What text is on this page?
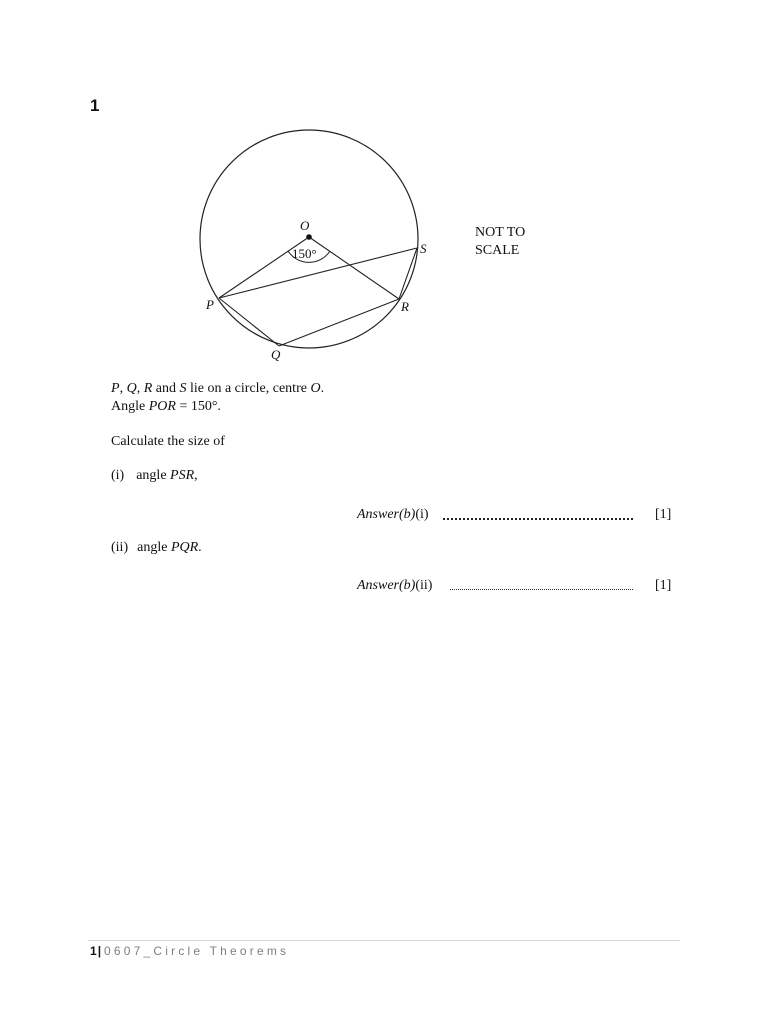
1
O
150°	S
P	R
Q
NOT TO
SCALE
P, Q, R and S lie on a circle, centre O.
Angle POR = 150°.
Calculate the size of
(i) angle PSR,
Answer(b)(i)	[1]
(ii) angle PQR.
Answer(b)(ii)	[1]
1| 0607_Circle Theorems
